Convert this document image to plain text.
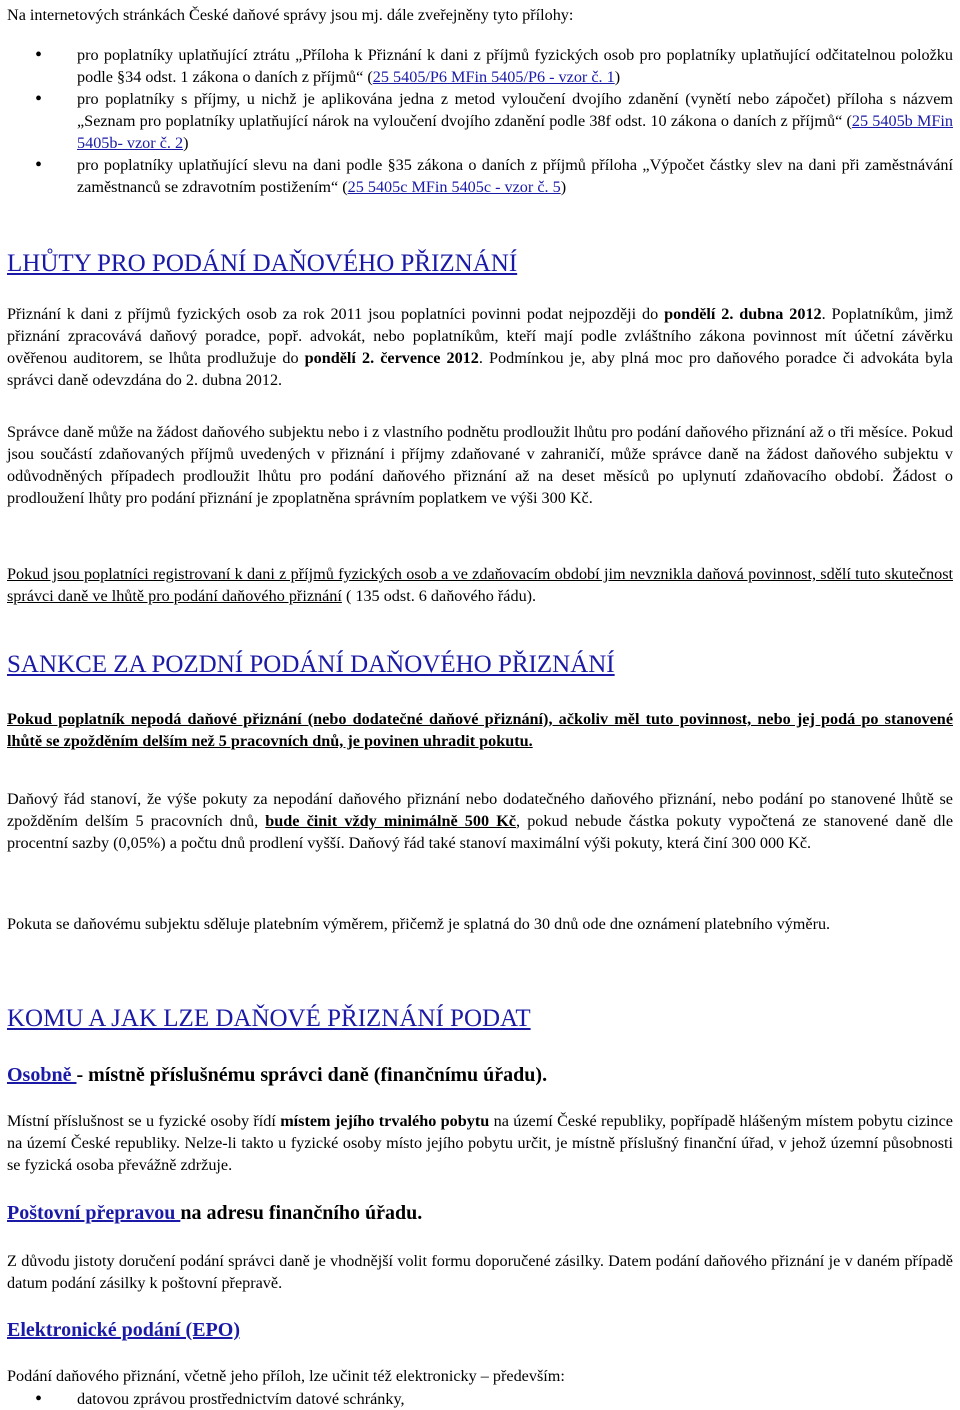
Na internetových stránkách České daňové správy jsou mj. dále zveřejněny tyto přílohy:

• pro poplatníky uplatňující ztrátu „Příloha k Přiznání k dani z příjmů fyzických osob pro poplatníky uplatňující odčitatelnou položku podle §34 odst. 1 zákona o daních z příjmů“ (25 5405/P6 MFin 5405/P6 - vzor č. 1)
• pro poplatníky s příjmy, u nichž je aplikována jedna z metod vyloučení dvojího zdanění (vynětí nebo zápočet) příloha s názvem „Seznam pro poplatníky uplatňující nárok na vyloučení dvojího zdanění podle 38f odst. 10 zákona o daních z příjmů“ (25 5405b MFin 5405b- vzor č. 2)
• pro poplatníky uplatňující slevu na dani podle §35 zákona o daních z příjmů příloha „Výpočet částky slev na dani při zaměstnávání zaměstnanců se zdravotním postižením“ (25 5405c MFin 5405c - vzor č. 5)
LHŮTY PRO PODÁNÍ DAŇOVÉHO PŘIZNÁNÍ

Přiznání k dani z příjmů fyzických osob za rok 2011 jsou poplatníci povinni podat nejpozději do pondělí 2. dubna 2012. Poplatníkům, jimž přiznání zpracovává daňový poradce, popř. advokát, nebo poplatníkům, kteří mají podle zvláštního zákona povinnost mít účetní závěrku ověřenou auditorem, se lhůta prodlužuje do pondělí 2. července 2012. Podmínkou je, aby plná moc pro daňového poradce či advokáta byla správci daně odevzdána do 2. dubna 2012.

Správce daně může na žádost daňového subjektu nebo i z vlastního podnětu prodloužit lhůtu pro podání daňového přiznání až o tři měsíce. Pokud jsou součástí zdaňovaných příjmů uvedených v přiznání i příjmy zdaňované v zahraničí, může správce daně na žádost daňového subjektu v odůvodněných případech prodloužit lhůtu pro podání daňového přiznání až na deset měsíců po uplynutí zdaňovacího období. Žádost o prodloužení lhůty pro podání přiznání je zpoplatněna správním poplatkem ve výši 300 Kč.

Pokud jsou poplatníci registrovaní k dani z příjmů fyzických osob a ve zdaňovacím období jim nevznikla daňová povinnost, sdělí tuto skutečnost správci daně ve lhůtě pro podání daňového přiznání ( 135 odst. 6 daňového řádu).

SANKCE ZA POZDNÍ PODÁNÍ DAŇOVÉHO PŘIZNÁNÍ

Pokud poplatník nepodá daňové přiznání (nebo dodatečné daňové přiznání), ačkoliv měl tuto povinnost, nebo jej podá po stanovené lhůtě se zpožděním delším než 5 pracovních dnů, je povinen uhradit pokutu.

Daňový řád stanoví, že výše pokuty za nepodání daňového přiznání nebo dodatečného daňového přiznání, nebo podání po stanovené lhůtě se zpožděním delším 5 pracovních dnů, bude činit vždy minimálně 500 Kč, pokud nebude částka pokuty vypočtená ze stanovené daně dle procentní sazby (0,05%) a počtu dnů prodlení vyšší. Daňový řád také stanoví maximální výši pokuty, která činí 300 000 Kč.

Pokuta se daňovému subjektu sděluje platebním výměrem, přičemž je splatná do 30 dnů ode dne oznámení platebního výměru.

KOMU A JAK LZE DAŇOVÉ PŘIZNÁNÍ PODAT
Osobně - místně příslušnému správci daně (finančnímu úřadu).

Místní příslušnost se u fyzické osoby řídí místem jejího trvalého pobytu na území České republiky, popřípadě hlášeným místem pobytu cizince na území České republiky. Nelze-li takto u fyzické osoby místo jejího pobytu určit, je místně příslušný finanční úřad, v jehož územní působnosti se fyzická osoba převážně zdržuje.

Poštovní přepravou na adresu finančního úřadu.

Z důvodu jistoty doručení podání správci daně je vhodnější volit formu doporučené zásilky. Datem podání daňového přiznání je v daném případě datum podání zásilky k poštovní přepravě.

Elektronické podání (EPO)

Podání daňového přiznání, včetně jeho příloh, lze učinit též elektronicky – především:

• datovou zprávou prostřednictvím datové schránky,
